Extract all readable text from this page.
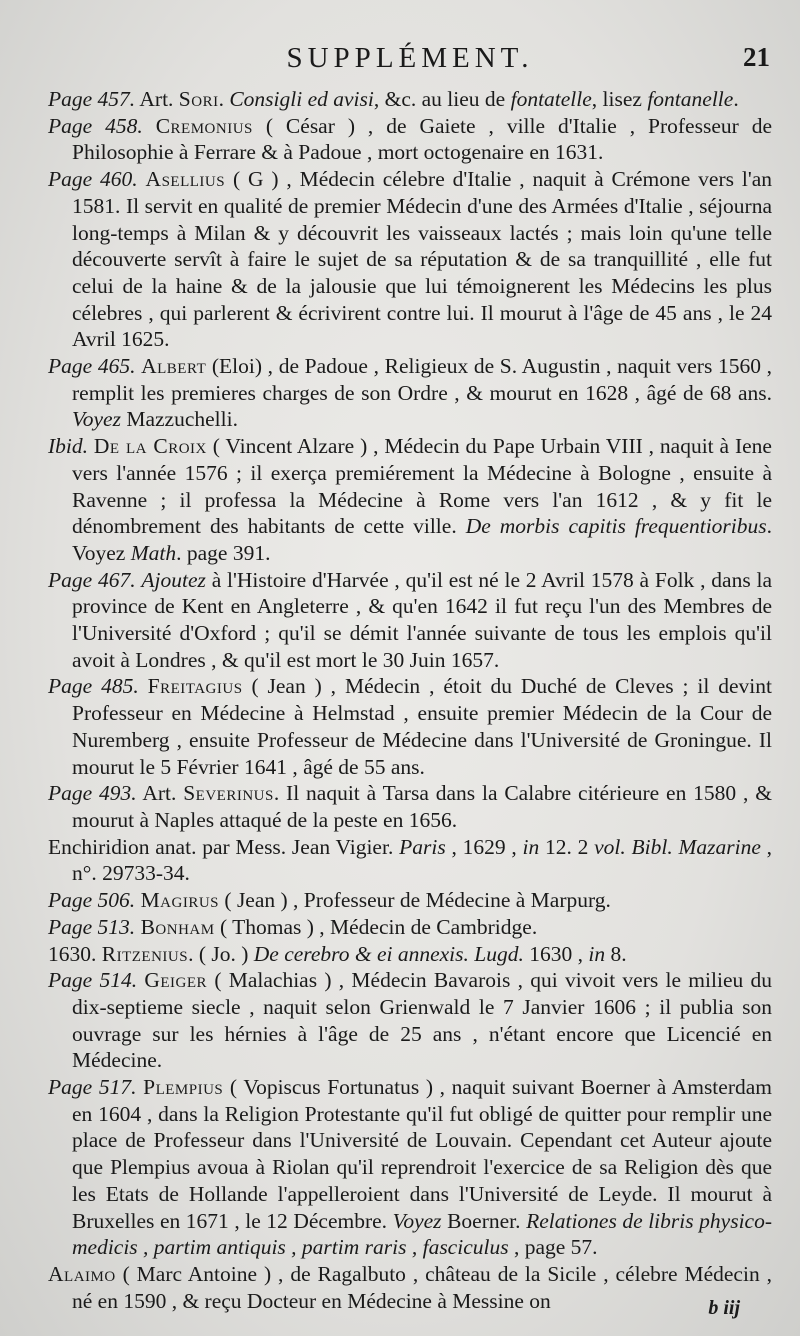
SUPPLÉMENT.	21
Page 457. Art. Sori. Consigli ed avisi, &c. au lieu de fontatelle, lisez fontanelle.
Page 458. Cremonius ( César ) , de Gaiete , ville d'Italie , Professeur de Philosophie à Ferrare & à Padoue , mort octogenaire en 1631.
Page 460. Asellius ( G ) , Médecin célebre d'Italie , naquit à Crémone vers l'an 1581. Il servit en qualité de premier Médecin d'une des Armées d'Italie , séjourna long-temps à Milan & y découvrit les vaisseaux lactés ; mais loin qu'une telle découverte servît à faire le sujet de sa réputation & de sa tranquillité , elle fut celui de la haine & de la jalousie que lui témoignerent les Médecins les plus célebres , qui parlerent & écrivirent contre lui. Il mourut à l'âge de 45 ans , le 24 Avril 1625.
Page 465. Albert (Eloi) , de Padoue , Religieux de S. Augustin , naquit vers 1560 , remplit les premieres charges de son Ordre , & mourut en 1628 , âgé de 68 ans. Voyez Mazzuchelli.
Ibid. De la Croix ( Vincent Alzare ) , Médecin du Pape Urbain VIII , naquit à Iene vers l'année 1576 ; il exerça premiérement la Médecine à Bologne , ensuite à Ravenne ; il professa la Médecine à Rome vers l'an 1612 , & y fit le dénombrement des habitants de cette ville. De morbis capitis frequentioribus. Voyez Math. page 391.
Page 467. Ajoutez à l'Histoire d'Harvée , qu'il est né le 2 Avril 1578 à Folk , dans la province de Kent en Angleterre , & qu'en 1642 il fut reçu l'un des Membres de l'Université d'Oxford ; qu'il se démit l'année suivante de tous les emplois qu'il avoit à Londres , & qu'il est mort le 30 Juin 1657.
Page 485. Freitagius ( Jean ) , Médecin , étoit du Duché de Cleves ; il devint Professeur en Médecine à Helmstad , ensuite premier Médecin de la Cour de Nuremberg , ensuite Professeur de Médecine dans l'Université de Groningue. Il mourut le 5 Février 1641 , âgé de 55 ans.
Page 493. Art. Severinus. Il naquit à Tarsa dans la Calabre citérieure en 1580 , & mourut à Naples attaqué de la peste en 1656.
Enchiridion anat. par Mess. Jean Vigier. Paris , 1629 , in 12. 2 vol. Bibl. Mazarine , n°. 29733-34.
Page 506. Magirus ( Jean ) , Professeur de Médecine à Marpurg.
Page 513. Bonham ( Thomas ) , Médecin de Cambridge.
1630. Ritzenius. ( Jo. ) De cerebro & ei annexis. Lugd. 1630 , in 8.
Page 514. Geiger ( Malachias ) , Médecin Bavarois , qui vivoit vers le milieu du dix-septieme siecle , naquit selon Grienwald le 7 Janvier 1606 ; il publia son ouvrage sur les hérnies à l'âge de 25 ans , n'étant encore que Licencié en Médecine.
Page 517. Plempius ( Vopiscus Fortunatus ) , naquit suivant Boerner à Amsterdam en 1604 , dans la Religion Protestante qu'il fut obligé de quitter pour remplir une place de Professeur dans l'Université de Louvain. Cependant cet Auteur ajoute que Plempius avoua à Riolan qu'il reprendroit l'exercice de sa Religion dès que les Etats de Hollande l'appelleroient dans l'Université de Leyde. Il mourut à Bruxelles en 1671 , le 12 Décembre. Voyez Boerner. Relationes de libris physico-medicis , partim antiquis , partim raris , fasciculus , page 57.
Alaimo ( Marc Antoine ) , de Ragalbuto , château de la Sicile , célebre Médecin , né en 1590 , & reçu Docteur en Médecine à Messine on	b iij
